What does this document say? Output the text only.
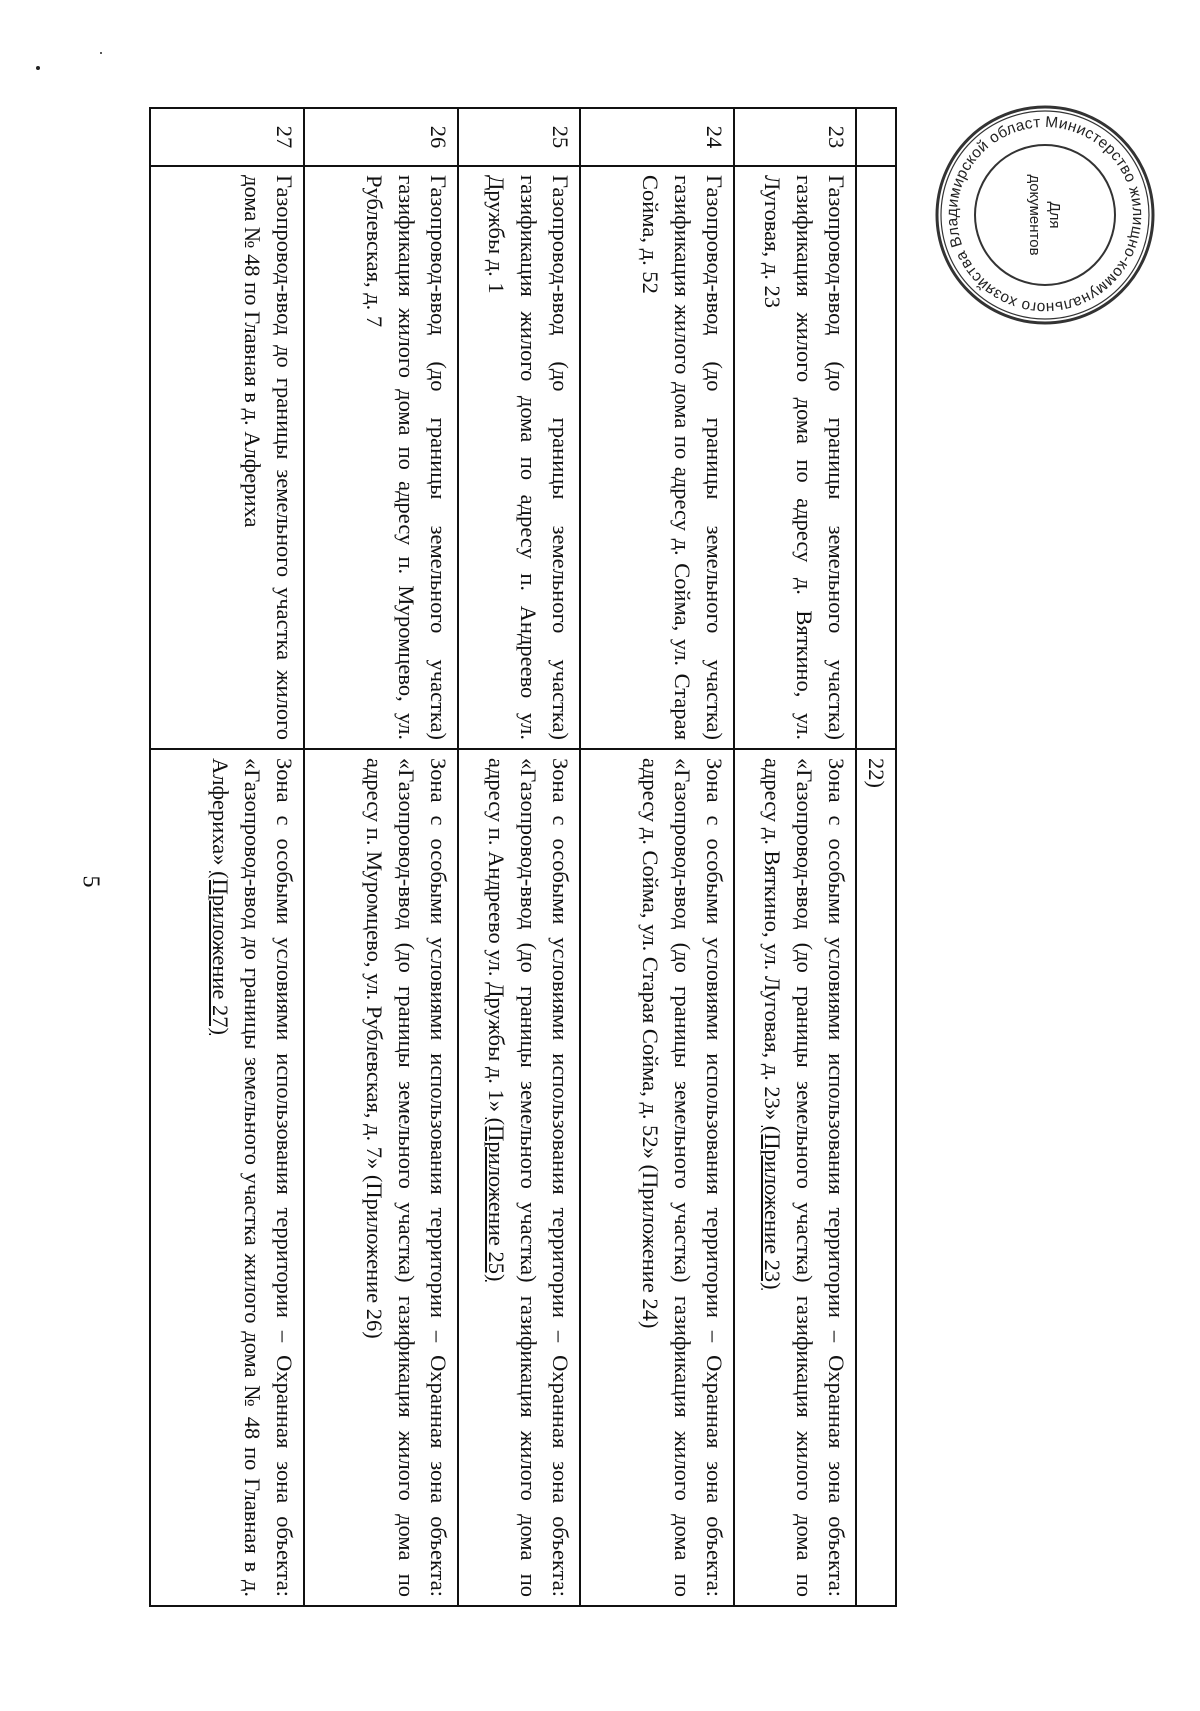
5
		22)
23	Газопровод-ввод (до границы земельного участка) газификация жилого дома по адресу д. Вяткино, ул. Луговая, д. 23	Зона с особыми условиями использования территории – Охранная зона объекта: «Газопровод-ввод (до границы земельного участка) газификация жилого дома по адресу д. Вяткино, ул. Луговая, д. 23» (Приложение 23)
24	Газопровод-ввод (до границы земельного участка) газификация жилого дома по адресу д. Сойма, ул. Старая Сойма, д. 52	Зона с особыми условиями использования территории – Охранная зона объекта: «Газопровод-ввод (до границы земельного участка) газификация жилого дома по адресу д. Сойма, ул. Старая Сойма, д. 52» (Приложение 24)
25	Газопровод-ввод (до границы земельного участка) газификация жилого дома по адресу п. Андреево ул. Дружбы д. 1	Зона с особыми условиями использования территории – Охранная зона объекта: «Газопровод-ввод (до границы земельного участка) газификация жилого дома по адресу п. Андреево ул. Дружбы д. 1» (Приложение 25)
26	Газопровод-ввод (до границы земельного участка) газификация жилого дома по адресу п. Муромцево, ул. Рублевская, д. 7	Зона с особыми условиями использования территории – Охранная зона объекта: «Газопровод-ввод (до границы земельного участка) газификация жилого дома по адресу п. Муромцево, ул. Рублевская, д. 7» (Приложение 26)
27	Газопровод-ввод до границы земельного участка жилого дома № 48 по Главная в д. Алфериха	Зона с особыми условиями использования территории – Охранная зона объекта: «Газопровод-ввод до границы земельного участка жилого дома № 48 по Главная в д. Алфериха» (Приложение 27)
Министерство жилищно-коммунального хозяйства Владимирской област
Для
документов
